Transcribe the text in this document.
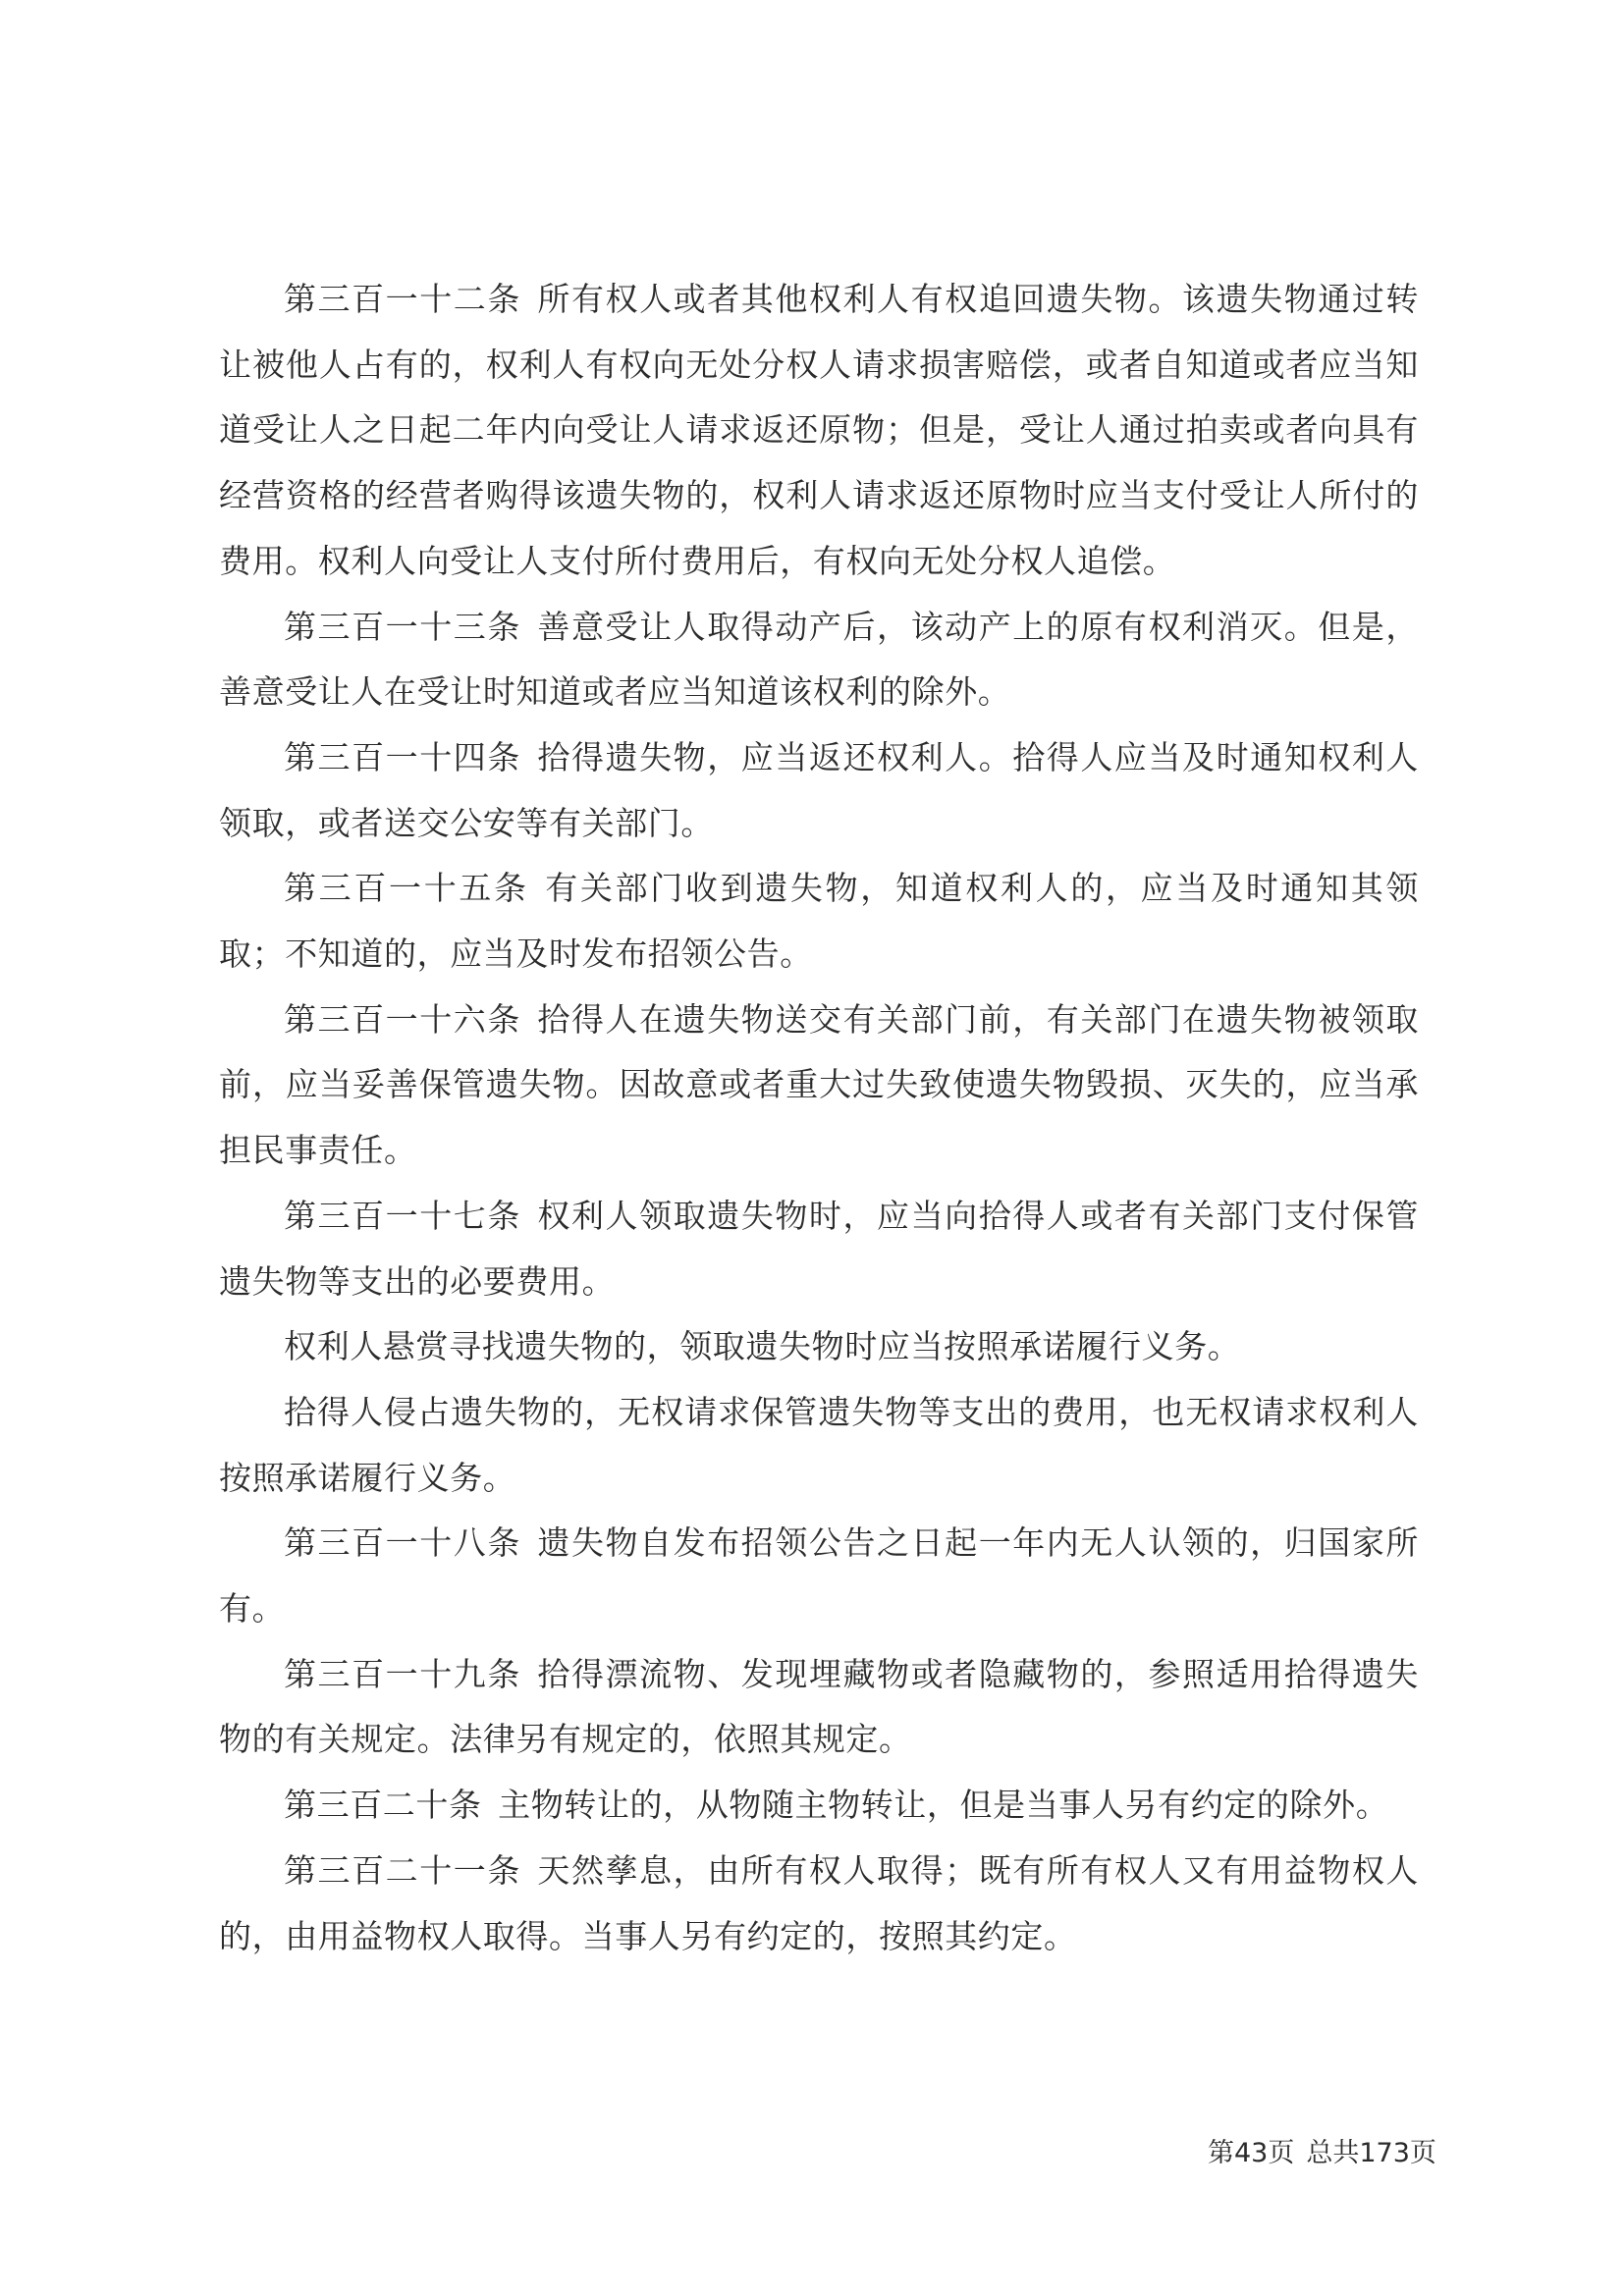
第三百一十二条 所有权人或者其他权利人有权追回遗失物。该遗失物通过转让被他人占有的，权利人有权向无处分权人请求损害赔偿，或者自知道或者应当知道受让人之日起二年内向受让人请求返还原物；但是，受让人通过拍卖或者向具有经营资格的经营者购得该遗失物的，权利人请求返还原物时应当支付受让人所付的费用。权利人向受让人支付所付费用后，有权向无处分权人追偿。

第三百一十三条 善意受让人取得动产后，该动产上的原有权利消灭。但是，善意受让人在受让时知道或者应当知道该权利的除外。

第三百一十四条 拾得遗失物，应当返还权利人。拾得人应当及时通知权利人领取，或者送交公安等有关部门。

第三百一十五条 有关部门收到遗失物，知道权利人的，应当及时通知其领取；不知道的，应当及时发布招领公告。

第三百一十六条 拾得人在遗失物送交有关部门前，有关部门在遗失物被领取前，应当妥善保管遗失物。因故意或者重大过失致使遗失物毁损、灭失的，应当承担民事责任。

第三百一十七条 权利人领取遗失物时，应当向拾得人或者有关部门支付保管遗失物等支出的必要费用。

权利人悬赏寻找遗失物的，领取遗失物时应当按照承诺履行义务。

拾得人侵占遗失物的，无权请求保管遗失物等支出的费用，也无权请求权利人按照承诺履行义务。

第三百一十八条 遗失物自发布招领公告之日起一年内无人认领的，归国家所有。

第三百一十九条 拾得漂流物、发现埋藏物或者隐藏物的，参照适用拾得遗失物的有关规定。法律另有规定的，依照其规定。

第三百二十条 主物转让的，从物随主物转让，但是当事人另有约定的除外。

第三百二十一条 天然孳息，由所有权人取得；既有所有权人又有用益物权人的，由用益物权人取得。当事人另有约定的，按照其约定。

第43页 总共173页
